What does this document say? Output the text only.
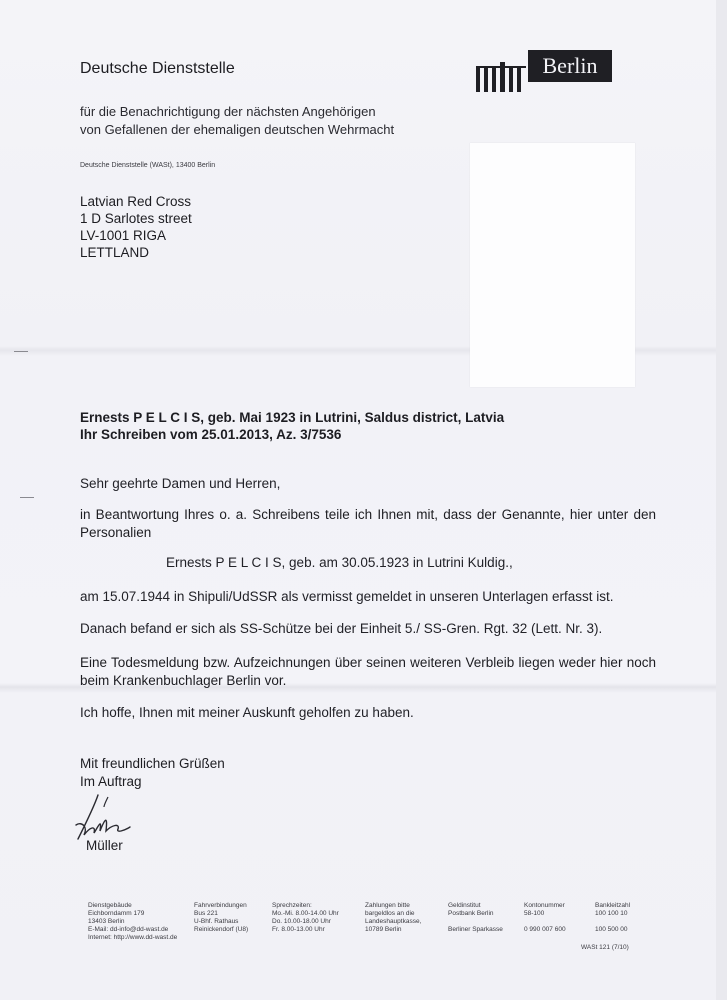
Deutsche Dienststelle
für die Benachrichtigung der nächsten Angehörigen
von Gefallenen der ehemaligen deutschen Wehrmacht
Berlin
Deutsche Dienststelle (WASt), 13400 Berlin
Latvian Red Cross
1 D Sarlotes street
LV-1001 RIGA
LETTLAND
Ernests P E L C I S, geb. Mai 1923 in Lutrini, Saldus district, Latvia
Ihr Schreiben vom 25.01.2013, Az. 3/7536
Sehr geehrte Damen und Herren,
in Beantwortung Ihres o. a. Schreibens teile ich Ihnen mit, dass der Genannte, hier unter den Personalien
Ernests P E L C I S, geb. am 30.05.1923 in Lutrini Kuldig.,
am 15.07.1944 in Shipuli/UdSSR als vermisst gemeldet in unseren Unterlagen erfasst ist.
Danach befand er sich als SS-Schütze bei der Einheit 5./ SS-Gren. Rgt. 32 (Lett. Nr. 3).
Eine Todesmeldung bzw. Aufzeichnungen über seinen weiteren Verbleib liegen weder hier noch beim Krankenbuchlager Berlin vor.
Ich hoffe, Ihnen mit meiner Auskunft geholfen zu haben.
Mit freundlichen Grüßen
Im Auftrag
Müller
Dienstgebäude
Eichborndamm 179
13403 Berlin
E-Mail: dd-info@dd-wast.de
Internet: http://www.dd-wast.de
Fahrverbindungen
Bus 221
U-Bhf. Rathaus
Reinickendorf (U8)
Sprechzeiten:
Mo.-Mi. 8.00-14.00 Uhr
Do. 10.00-18.00 Uhr
Fr. 8.00-13.00 Uhr
Zahlungen bitte
bargeldlos an die
Landeshauptkasse,
10789 Berlin
Geldinstitut
Postbank Berlin

Berliner Sparkasse
Kontonummer
58-100

0 990 007 600
Bankleitzahl
100 100 10

100 500 00
WASt 121 (7/10)
